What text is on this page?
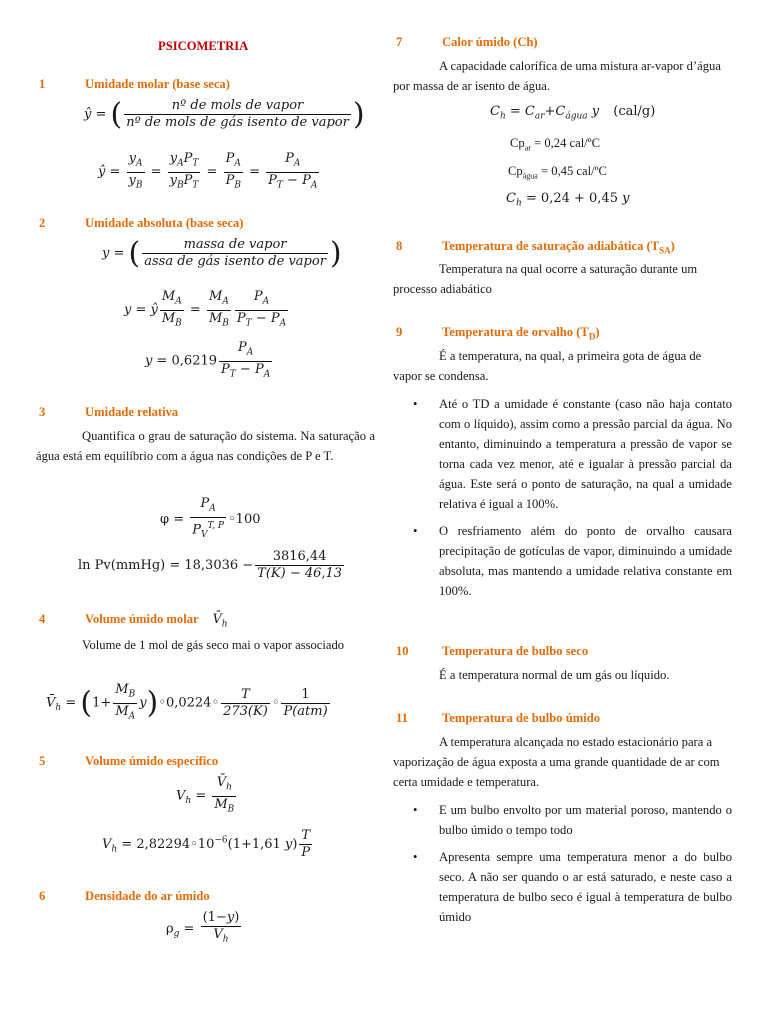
PSICOMETRIA
1	Umidade molar (base seca)
ŷ = ( $\frac{\text{nº de mols de vapor}}{\text{nº de mols de gás isento de vapor}}$ )
ŷ = $\frac{y_A}{y_B} = \frac{y_AP_T}{y_BP_T} = \frac{P_A}{P_B} = \frac{P_A}{P_T - P_A}$
2	Umidade absoluta (base seca)
y = ( $\frac{\text{massa de vapor}}{\text{assa de gás isento de vapor}}$ )
y = ŷ $\frac{M_A}{M_B} = \frac{M_A}{M_B} \frac{P_A}{P_T - P_A}$
$y = 0,6219 \frac{P_A}{P_T - P_A}$
3	Umidade relativa
Quantifica o grau de saturação do sistema. Na saturação a água está em equilíbrio com a água nas condições de P e T.
$\varphi = \frac{P_A}{P_V^{T, P}}$ ◦100
ln Pv(mmHg) = $18,3036 - \frac{3816,44}{T(K) - 46,13}$
4	Volume úmido molar $V̄_h$
Volume de 1 mol de gás seco mai o vapor associado
$V̄_h = (1+ \frac{M_B}{M_A}$ y)◦0,0224◦ $\frac{T}{273(K)}$ ◦ $\frac{1}{\text{P(atm)}}$
5	Volume úmido específico
$V_h = \frac{V̄_h}{M_B}$
$V_h$ = $2,82294◦10^{-6}(1+1,61$ $y) \frac{T}{P}$
6	Densidade do ar úmido
$\rho_g = \frac{(1-y)}{V_h}$
7	Calor úmido (Ch)
A capacidade calorífica de uma mistura ar-vapor d’água por massa de ar isento de água.
$C_h = C_{ar}+C_{água}$ y (cal/g)
$Cp_{ar} = 0,24$ cal/ºC
$Cp_{água} = 0,45$ cal/ºC
$C_h = 0,24 + 0,45$ y
8	Temperatura de saturação adiabática $(T_{SA})$
Temperatura na qual ocorre a saturação durante um processo adiabático
9	Temperatura de orvalho $(T_D)$
É a temperatura, na qual, a primeira gota de água de vapor se condensa.
• Até o TD a umidade é constante (caso não haja contato com o líquido), assim como a pressão parcial da água. No entanto, diminuindo a temperatura a pressão de vapor se torna cada vez menor, até e igualar à pressão parcial da água. Este será o ponto de saturação, na qual a umidade relativa é igual a 100%.
• O resfriamento além do ponto de orvalho causara precipitação de gotículas de vapor, diminuindo a umidade absoluta, mas mantendo a umidade relativa constante em 100%.
10	Temperatura de bulbo seco
É a temperatura normal de um gás ou líquido.
11	Temperatura de bulbo úmido
A temperatura alcançada no estado estacionário para a vaporização de água exposta a uma grande quantidade de ar com certa umidade e temperatura.
• E um bulbo envolto por um material poroso, mantendo o bulbo úmido o tempo todo
• Apresenta sempre uma temperatura menor a do bulbo seco. A não ser quando o ar está saturado, e neste caso a temperatura de bulbo seco é igual à temperatura de bulbo úmido
